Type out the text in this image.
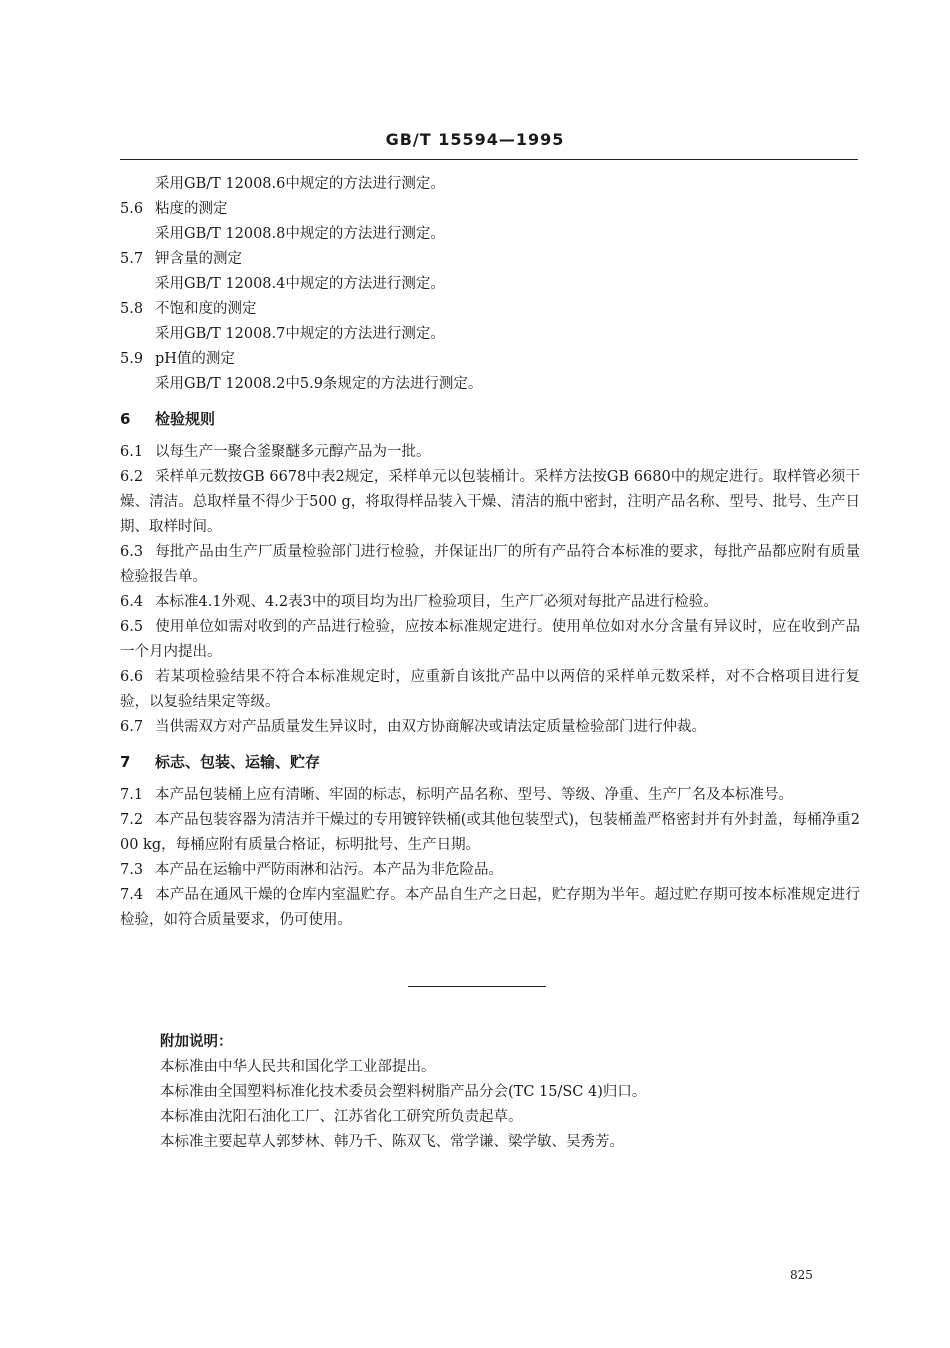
GB/T 15594—1995
采用GB/T 12008.6中规定的方法进行测定。
5.6 粘度的测定
采用GB/T 12008.8中规定的方法进行测定。
5.7 钾含量的测定
采用GB/T 12008.4中规定的方法进行测定。
5.8 不饱和度的测定
采用GB/T 12008.7中规定的方法进行测定。
5.9 pH值的测定
采用GB/T 12008.2中5.9条规定的方法进行测定。
6 检验规则
6.1 以每生产一聚合釜聚醚多元醇产品为一批。
6.2 采样单元数按GB 6678中表2规定，采样单元以包装桶计。采样方法按GB 6680中的规定进行。取样管必须干燥、清洁。总取样量不得少于500 g，将取得样品装入干燥、清洁的瓶中密封，注明产品名称、型号、批号、生产日期、取样时间。
6.3 每批产品由生产厂质量检验部门进行检验，并保证出厂的所有产品符合本标准的要求，每批产品都应附有质量检验报告单。
6.4 本标准4.1外观、4.2表3中的项目均为出厂检验项目，生产厂必须对每批产品进行检验。
6.5 使用单位如需对收到的产品进行检验，应按本标准规定进行。使用单位如对水分含量有异议时，应在收到产品一个月内提出。
6.6 若某项检验结果不符合本标准规定时，应重新自该批产品中以两倍的采样单元数采样，对不合格项目进行复验，以复验结果定等级。
6.7 当供需双方对产品质量发生异议时，由双方协商解决或请法定质量检验部门进行仲裁。
7 标志、包装、运输、贮存
7.1 本产品包装桶上应有清晰、牢固的标志，标明产品名称、型号、等级、净重、生产厂名及本标准号。
7.2 本产品包装容器为清洁并干燥过的专用镀锌铁桶(或其他包装型式)，包装桶盖严格密封并有外封盖，每桶净重200 kg，每桶应附有质量合格证，标明批号、生产日期。
7.3 本产品在运输中严防雨淋和沾污。本产品为非危险品。
7.4 本产品在通风干燥的仓库内室温贮存。本产品自生产之日起，贮存期为半年。超过贮存期可按本标准规定进行检验，如符合质量要求，仍可使用。
附加说明：
本标准由中华人民共和国化学工业部提出。
本标准由全国塑料标准化技术委员会塑料树脂产品分会(TC 15/SC 4)归口。
本标准由沈阳石油化工厂、江苏省化工研究所负责起草。
本标准主要起草人郭梦林、韩乃千、陈双飞、常学谦、梁学敏、吴秀芳。
825
